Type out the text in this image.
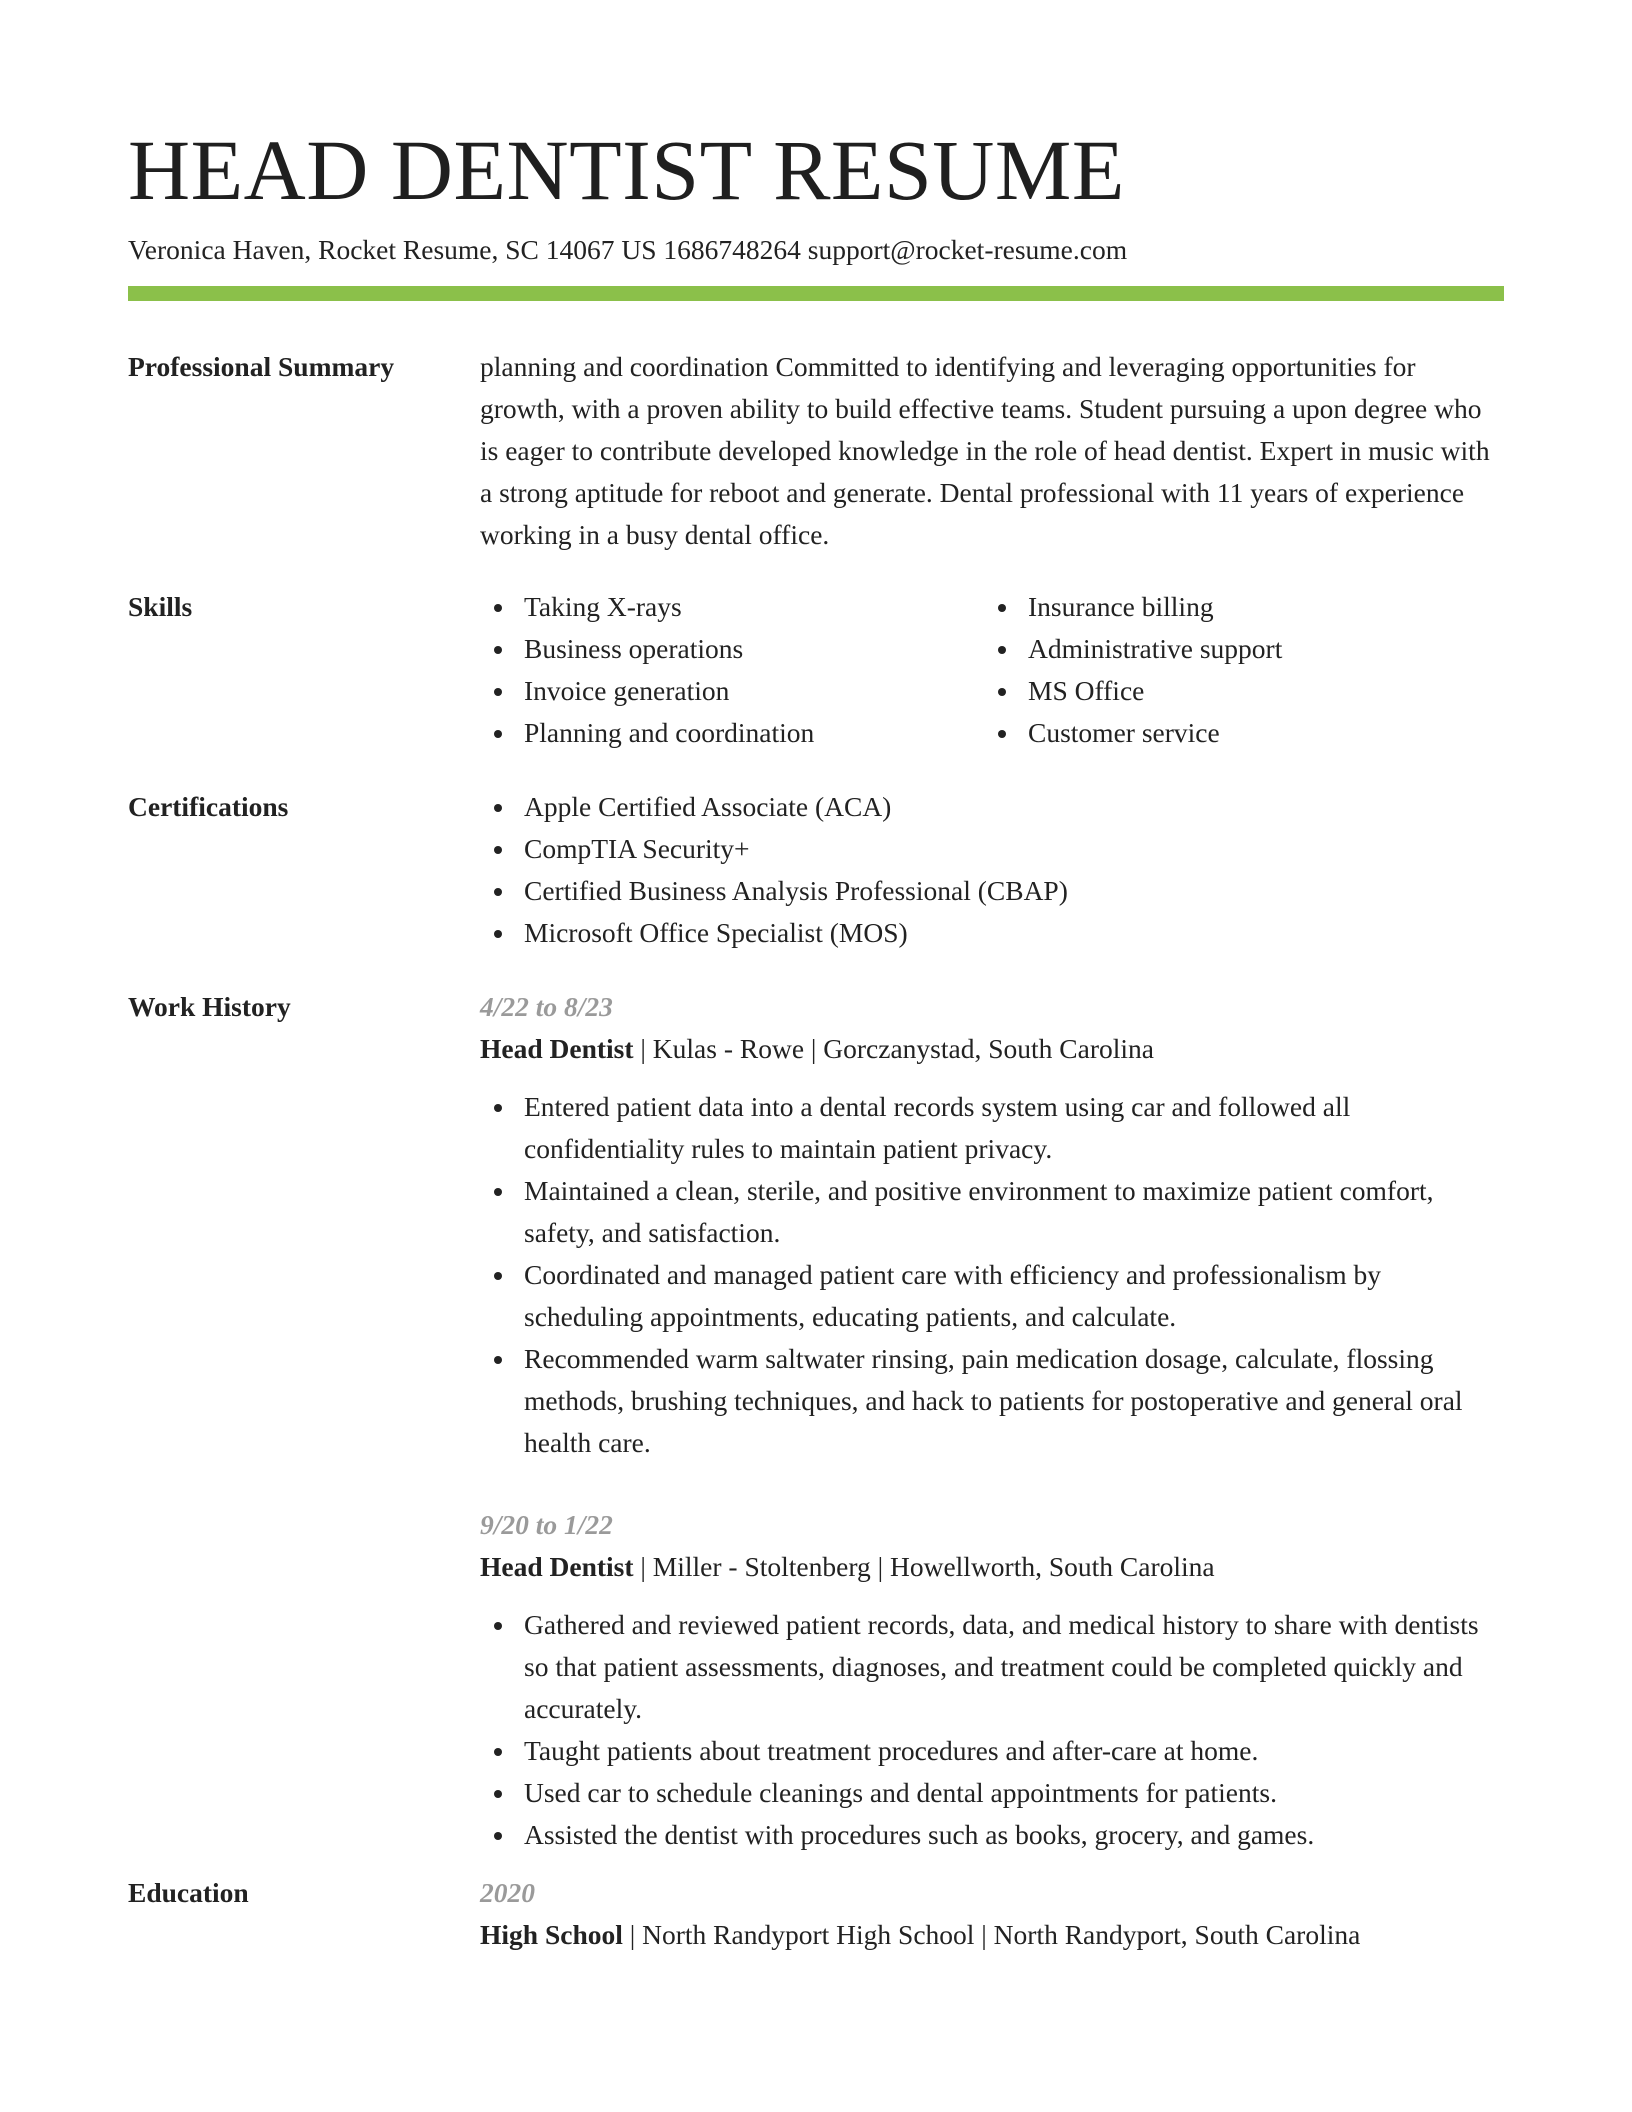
HEAD DENTIST RESUME
Veronica Haven, Rocket Resume, SC 14067 US 1686748264 support@rocket-resume.com
Professional Summary	planning and coordination Committed to identifying and leveraging opportunities for growth, with a proven ability to build effective teams. Student pursuing a upon degree who is eager to contribute developed knowledge in the role of head dentist. Expert in music with a strong aptitude for reboot and generate. Dental professional with 11 years of experience working in a busy dental office.

Skills	Taking X-rays
Business operations
Invoice generation
Planning and coordination
Insurance billing
Administrative support
MS Office
Customer service
Certifications	Apple Certified Associate (ACA)
CompTIA Security+
Certified Business Analysis Professional (CBAP)
Microsoft Office Specialist (MOS)
Work History	4/22 to 8/23
Head Dentist | Kulas - Rowe | Gorczanystad, South Carolina
Entered patient data into a dental records system using car and followed all confidentiality rules to maintain patient privacy.
Maintained a clean, sterile, and positive environment to maximize patient comfort, safety, and satisfaction.
Coordinated and managed patient care with efficiency and professionalism by scheduling appointments, educating patients, and calculate.
Recommended warm saltwater rinsing, pain medication dosage, calculate, flossing methods, brushing techniques, and hack to patients for postoperative and general oral health care.
9/20 to 1/22
Head Dentist | Miller - Stoltenberg | Howellworth, South Carolina
Gathered and reviewed patient records, data, and medical history to share with dentists so that patient assessments, diagnoses, and treatment could be completed quickly and accurately.
Taught patients about treatment procedures and after-care at home.
Used car to schedule cleanings and dental appointments for patients.
Assisted the dentist with procedures such as books, grocery, and games.
Education	2020
High School | North Randyport High School | North Randyport, South Carolina
